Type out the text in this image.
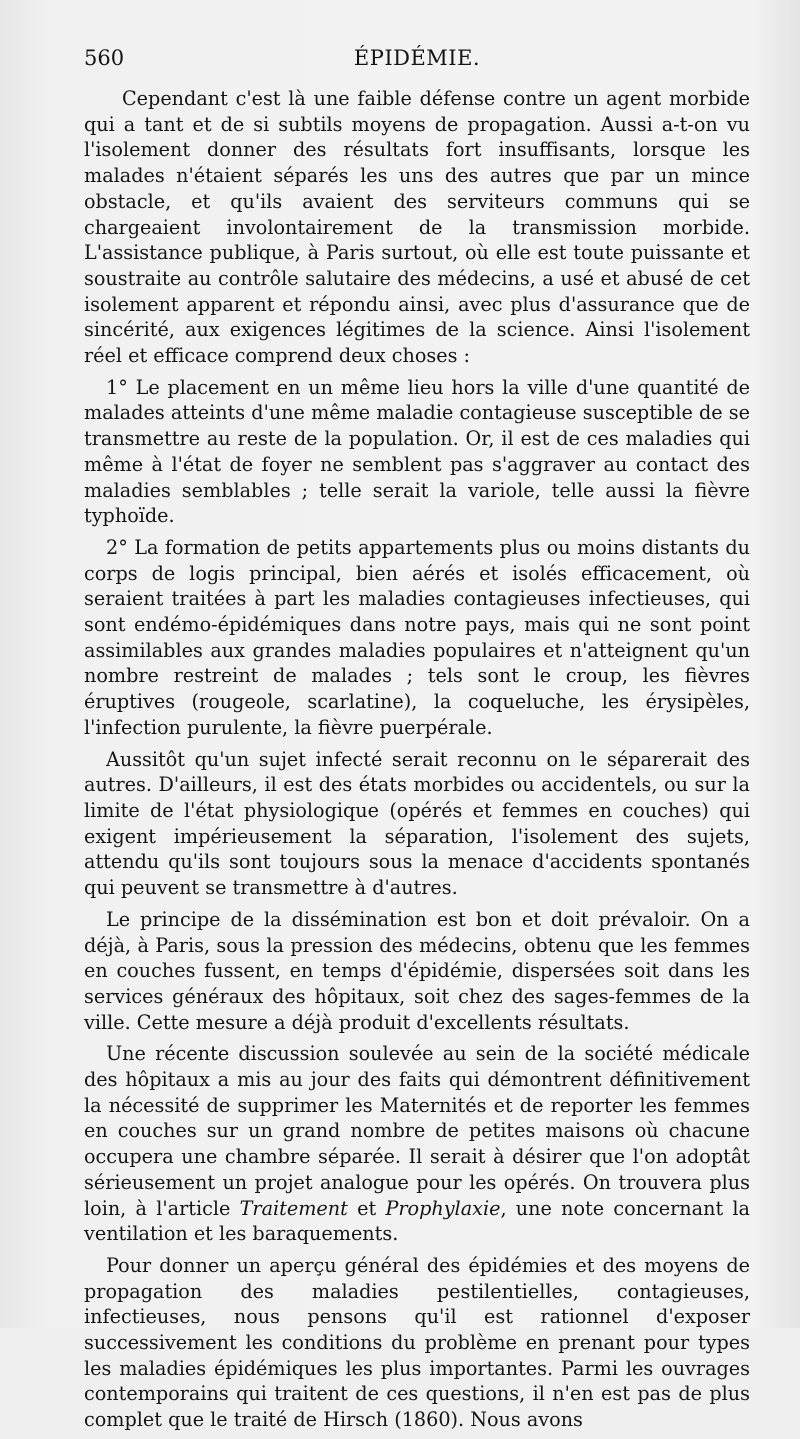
560	ÉPIDÉMIE.

Cependant c'est là une faible défense contre un agent morbide qui a tant et de si subtils moyens de propagation. Aussi a-t-on vu l'isolement donner des résultats fort insuffisants, lorsque les malades n'étaient séparés les uns des autres que par un mince obstacle, et qu'ils avaient des serviteurs communs qui se chargeaient involontairement de la transmission morbide. L'assistance publique, à Paris surtout, où elle est toute puissante et soustraite au contrôle salutaire des médecins, a usé et abusé de cet isolement apparent et répondu ainsi, avec plus d'assurance que de sincérité, aux exigences légitimes de la science. Ainsi l'isolement réel et efficace comprend deux choses :

1° Le placement en un même lieu hors la ville d'une quantité de malades atteints d'une même maladie contagieuse susceptible de se transmettre au reste de la population. Or, il est de ces maladies qui même à l'état de foyer ne semblent pas s'aggraver au contact des maladies semblables ; telle serait la variole, telle aussi la fièvre typhoïde.

2° La formation de petits appartements plus ou moins distants du corps de logis principal, bien aérés et isolés efficacement, où seraient traitées à part les maladies contagieuses infectieuses, qui sont endémo-épidémiques dans notre pays, mais qui ne sont point assimilables aux grandes maladies populaires et n'atteignent qu'un nombre restreint de malades ; tels sont le croup, les fièvres éruptives (rougeole, scarlatine), la coqueluche, les érysipèles, l'infection purulente, la fièvre puerpérale.

Aussitôt qu'un sujet infecté serait reconnu on le séparerait des autres. D'ailleurs, il est des états morbides ou accidentels, ou sur la limite de l'état physiologique (opérés et femmes en couches) qui exigent impérieusement la séparation, l'isolement des sujets, attendu qu'ils sont toujours sous la menace d'accidents spontanés qui peuvent se transmettre à d'autres.

Le principe de la dissémination est bon et doit prévaloir. On a déjà, à Paris, sous la pression des médecins, obtenu que les femmes en couches fussent, en temps d'épidémie, dispersées soit dans les services généraux des hôpitaux, soit chez des sages-femmes de la ville. Cette mesure a déjà produit d'excellents résultats.

Une récente discussion soulevée au sein de la société médicale des hôpitaux a mis au jour des faits qui démontrent définitivement la nécessité de supprimer les Maternités et de reporter les femmes en couches sur un grand nombre de petites maisons où chacune occupera une chambre séparée. Il serait à désirer que l'on adoptât sérieusement un projet analogue pour les opérés. On trouvera plus loin, à l'article Traitement et Prophylaxie, une note concernant la ventilation et les baraquements.

Pour donner un aperçu général des épidémies et des moyens de propagation des maladies pestilentielles, contagieuses, infectieuses, nous pensons qu'il est rationnel d'exposer successivement les conditions du problème en prenant pour types les maladies épidémiques les plus importantes. Parmi les ouvrages contemporains qui traitent de ces questions, il n'en est pas de plus complet que le traité de Hirsch (1860). Nous avons
